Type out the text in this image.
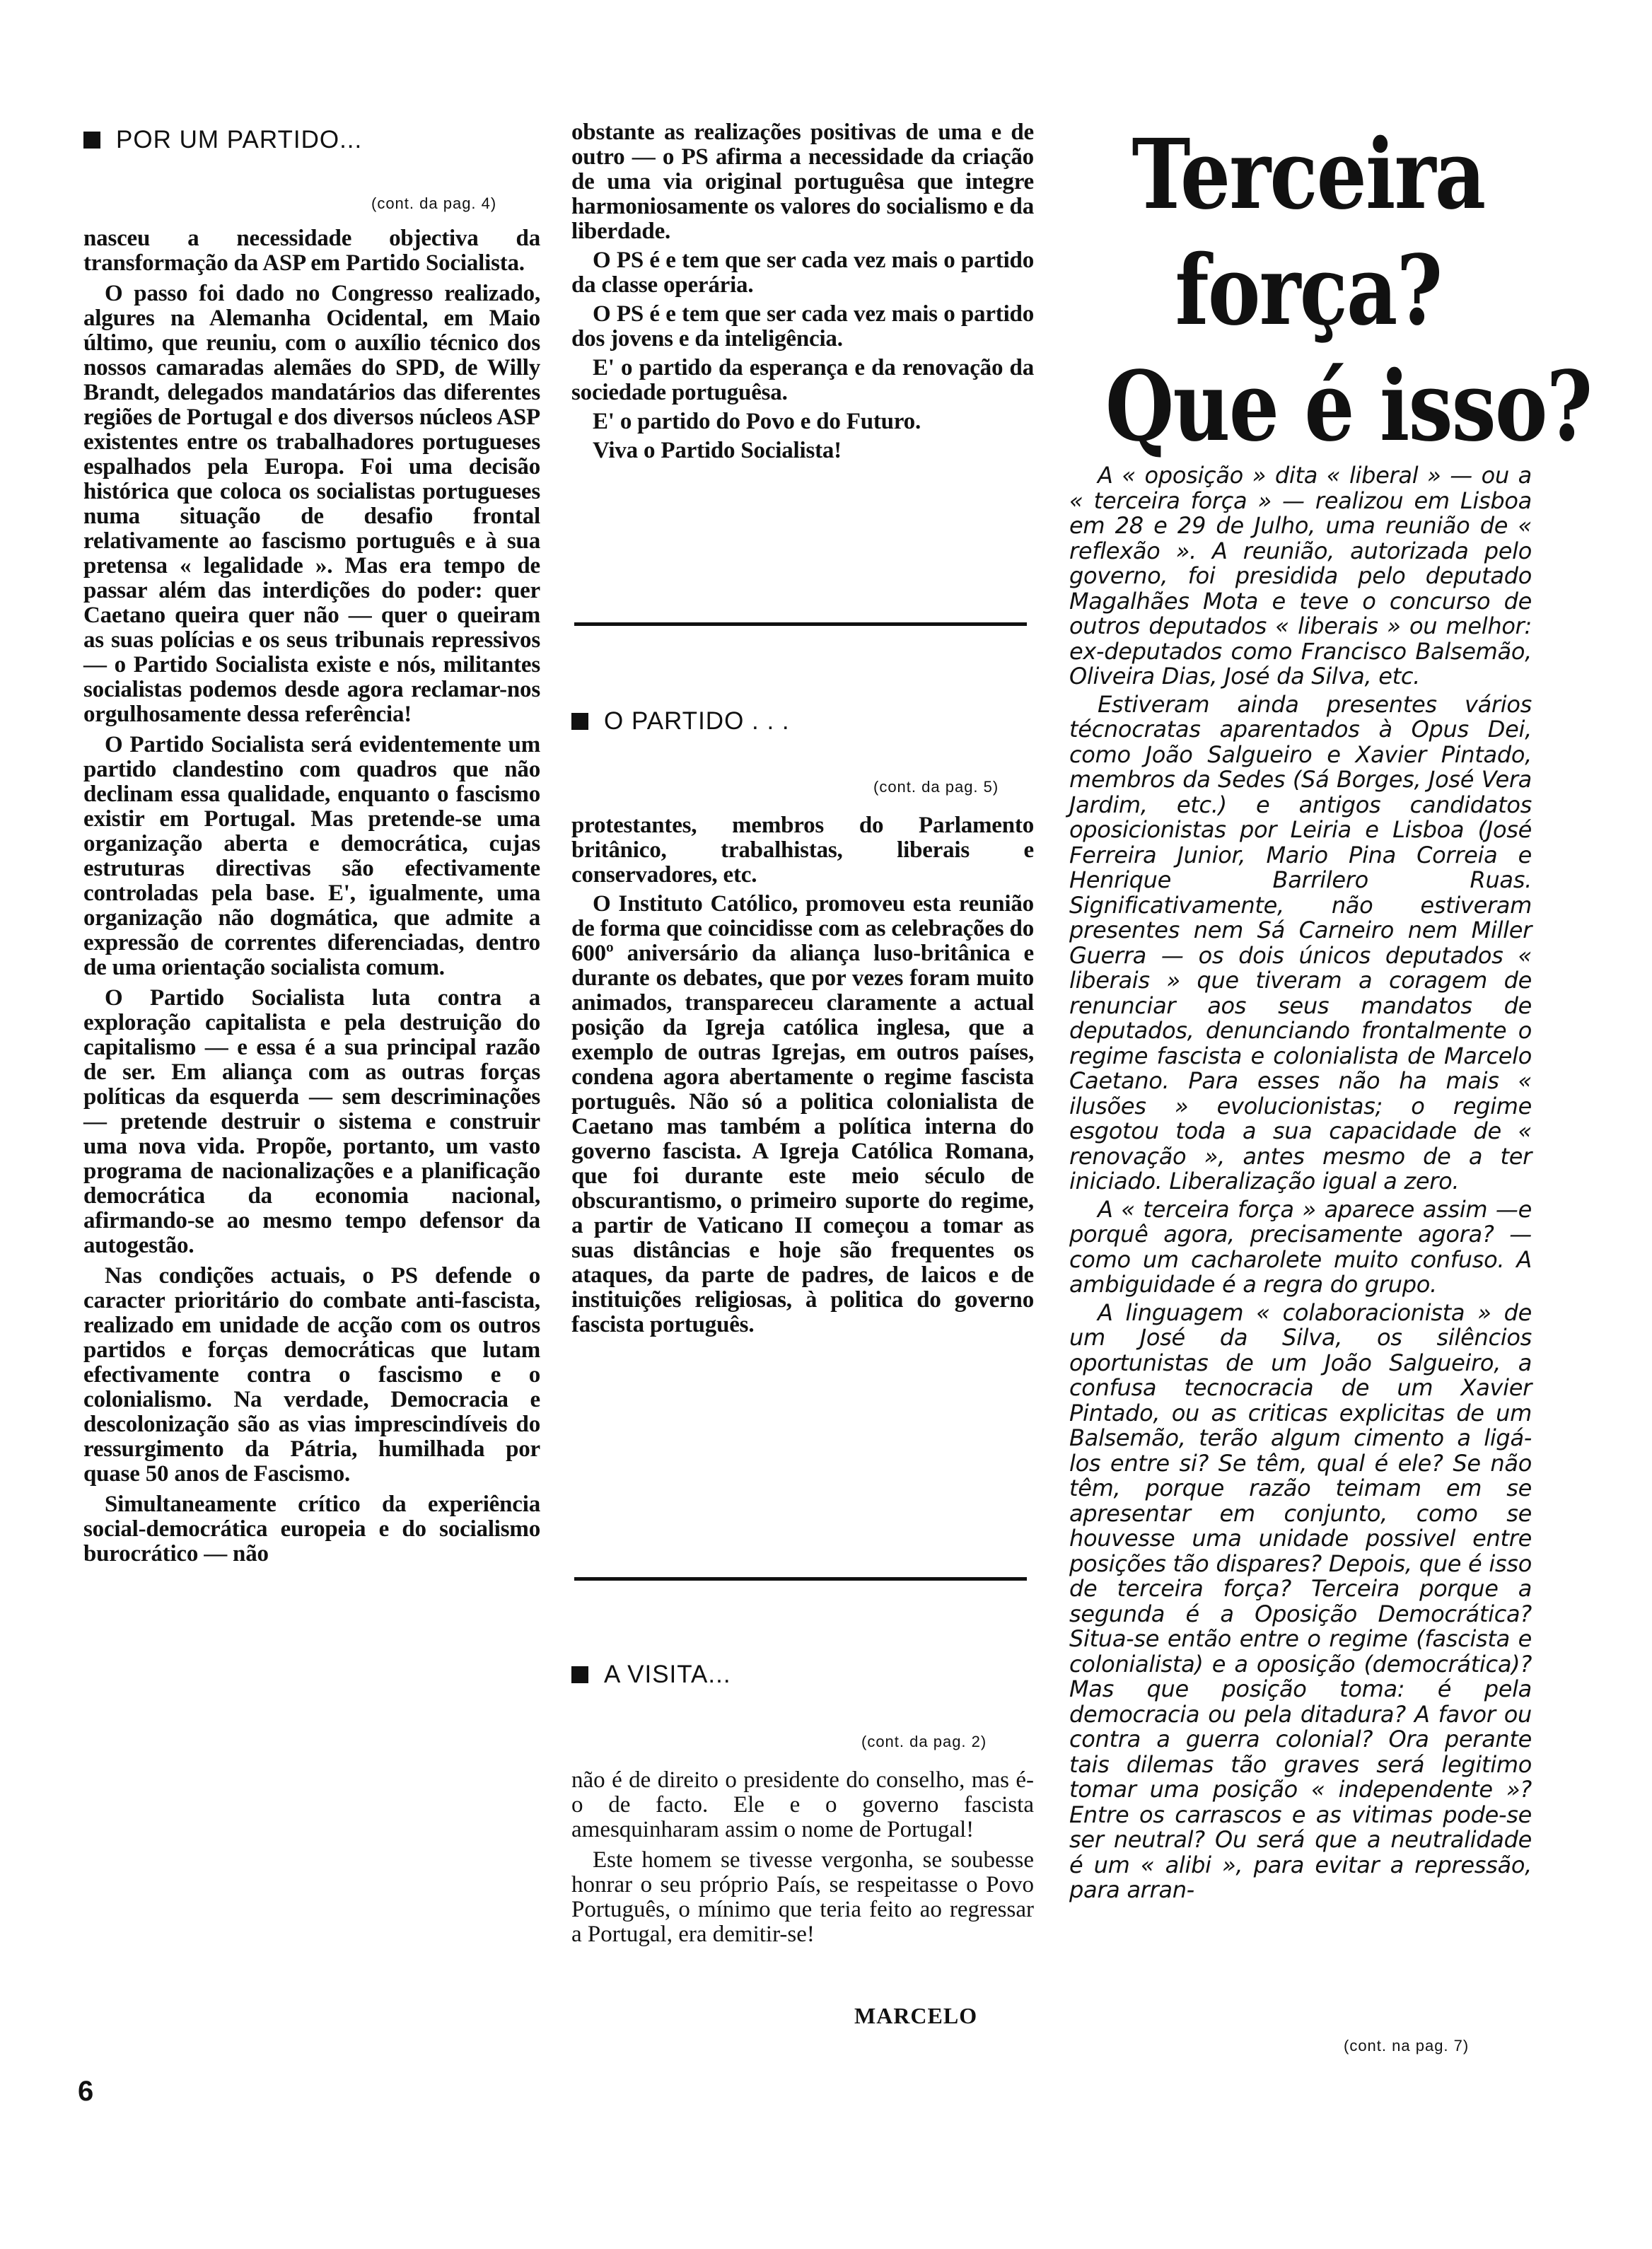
POR UM PARTIDO...
(cont. da pag. 4)

nasceu a necessidade objectiva da transformação da ASP em Partido Socialista.

O passo foi dado no Congresso realizado, algures na Alemanha Ocidental, em Maio último, que reuniu, com o auxílio técnico dos nossos camaradas alemães do SPD, de Willy Brandt, delegados mandatários das diferentes regiões de Portugal e dos diversos núcleos ASP existentes entre os trabalhadores portugueses espalhados pela Europa. Foi uma decisão histórica que coloca os socialistas portugueses numa situação de desafio frontal relativamente ao fascismo português e à sua pretensa « legalidade ». Mas era tempo de passar além das interdições do poder: quer Caetano queira quer não — quer o queiram as suas polícias e os seus tribunais repressivos — o Partido Socialista existe e nós, militantes socialistas podemos desde agora reclamar-nos orgulhosamente dessa referência!

O Partido Socialista será evidentemente um partido clandestino com quadros que não declinam essa qualidade, enquanto o fascismo existir em Portugal. Mas pretende-se uma organização aberta e democrática, cujas estruturas directivas são efectivamente controladas pela base. E', igualmente, uma organização não dogmática, que admite a expressão de correntes diferenciadas, dentro de uma orientação socialista comum.

O Partido Socialista luta contra a exploração capitalista e pela destruição do capitalismo — e essa é a sua principal razão de ser. Em aliança com as outras forças políticas da esquerda — sem descriminações — pretende destruir o sistema e construir uma nova vida. Propõe, portanto, um vasto programa de nacionalizações e a planificação democrática da economia nacional, afirmando-se ao mesmo tempo defensor da autogestão.

Nas condições actuais, o PS defende o caracter prioritário do combate anti-fascista, realizado em unidade de acção com os outros partidos e forças democráticas que lutam efectivamente contra o fascismo e o colonialismo. Na verdade, Democracia e descolonização são as vias imprescindíveis do ressurgimento da Pátria, humilhada por quase 50 anos de Fascismo.

Simultaneamente crítico da experiência social-democrática europeia e do socialismo burocrático — não

6

obstante as realizações positivas de uma e de outro — o PS afirma a necessidade da criação de uma via original portuguêsa que integre harmoniosamente os valores do socialismo e da liberdade.

O PS é e tem que ser cada vez mais o partido da classe operária.

O PS é e tem que ser cada vez mais o partido dos jovens e da inteligência.

E' o partido da esperança e da renovação da sociedade portuguêsa.

E' o partido do Povo e do Futuro.

Viva o Partido Socialista!

O PARTIDO . . .
(cont. da pag. 5)

protestantes, membros do Parlamento britânico, trabalhistas, liberais e conservadores, etc.

O Instituto Católico, promoveu esta reunião de forma que coincidisse com as celebrações do 600º aniversário da aliança luso-britânica e durante os debates, que por vezes foram muito animados, transpareceu claramente a actual posição da Igreja católica inglesa, que a exemplo de outras Igrejas, em outros países, condena agora abertamente o regime fascista português. Não só a politica colonialista de Caetano mas também a política interna do governo fascista. A Igreja Católica Romana, que foi durante este meio século de obscurantismo, o primeiro suporte do regime, a partir de Vaticano II começou a tomar as suas distâncias e hoje são frequentes os ataques, da parte de padres, de laicos e de instituições religiosas, à politica do governo fascista português.

A VISITA...
(cont. da pag. 2)

não é de direito o presidente do conselho, mas é-o de facto. Ele e o governo fascista amesquinharam assim o nome de Portugal!

Este homem se tivesse vergonha, se soubesse honrar o seu próprio País, se respeitasse o Povo Português, o mínimo que teria feito ao regressar a Portugal, era demitir-se!

MARCELO
Terceira
força?
Que é isso?

A « oposição » dita « liberal » — ou a « terceira força » — realizou em Lisboa em 28 e 29 de Julho, uma reunião de « reflexão ». A reunião, autorizada pelo governo, foi presidida pelo deputado Magalhães Mota e teve o concurso de outros deputados « liberais » ou melhor: ex-deputados como Francisco Balsemão, Oliveira Dias, José da Silva, etc.

Estiveram ainda presentes vários técnocratas aparentados à Opus Dei, como João Salgueiro e Xavier Pintado, membros da Sedes (Sá Borges, José Vera Jardim, etc.) e antigos candidatos oposicionistas por Leiria e Lisboa (José Ferreira Junior, Mario Pina Correia e Henrique Barrilero Ruas. Significativamente, não estiveram presentes nem Sá Carneiro nem Miller Guerra — os dois únicos deputados « liberais » que tiveram a coragem de renunciar aos seus mandatos de deputados, denunciando frontalmente o regime fascista e colonialista de Marcelo Caetano. Para esses não ha mais « ilusões » evolucionistas; o regime esgotou toda a sua capacidade de « renovação », antes mesmo de a ter iniciado. Liberalização igual a zero.

A « terceira força » aparece assim —e porquê agora, precisamente agora? — como um cacharolete muito confuso. A ambiguidade é a regra do grupo.

A linguagem « colaboracionista » de um José da Silva, os silêncios oportunistas de um João Salgueiro, a confusa tecnocracia de um Xavier Pintado, ou as criticas explicitas de um Balsemão, terão algum cimento a ligá-los entre si? Se têm, qual é ele? Se não têm, porque razão teimam em se apresentar em conjunto, como se houvesse uma unidade possivel entre posições tão dispares? Depois, que é isso de terceira força? Terceira porque a segunda é a Oposição Democrática? Situa-se então entre o regime (fascista e colonialista) e a oposição (democrática)? Mas que posição toma: é pela democracia ou pela ditadura? A favor ou contra a guerra colonial? Ora perante tais dilemas tão graves será legitimo tomar uma posição « independente »? Entre os carrascos e as vitimas pode-se ser neutral? Ou será que a neutralidade é um « alibi », para evitar a repressão, para arran-

(cont. na pag. 7)
